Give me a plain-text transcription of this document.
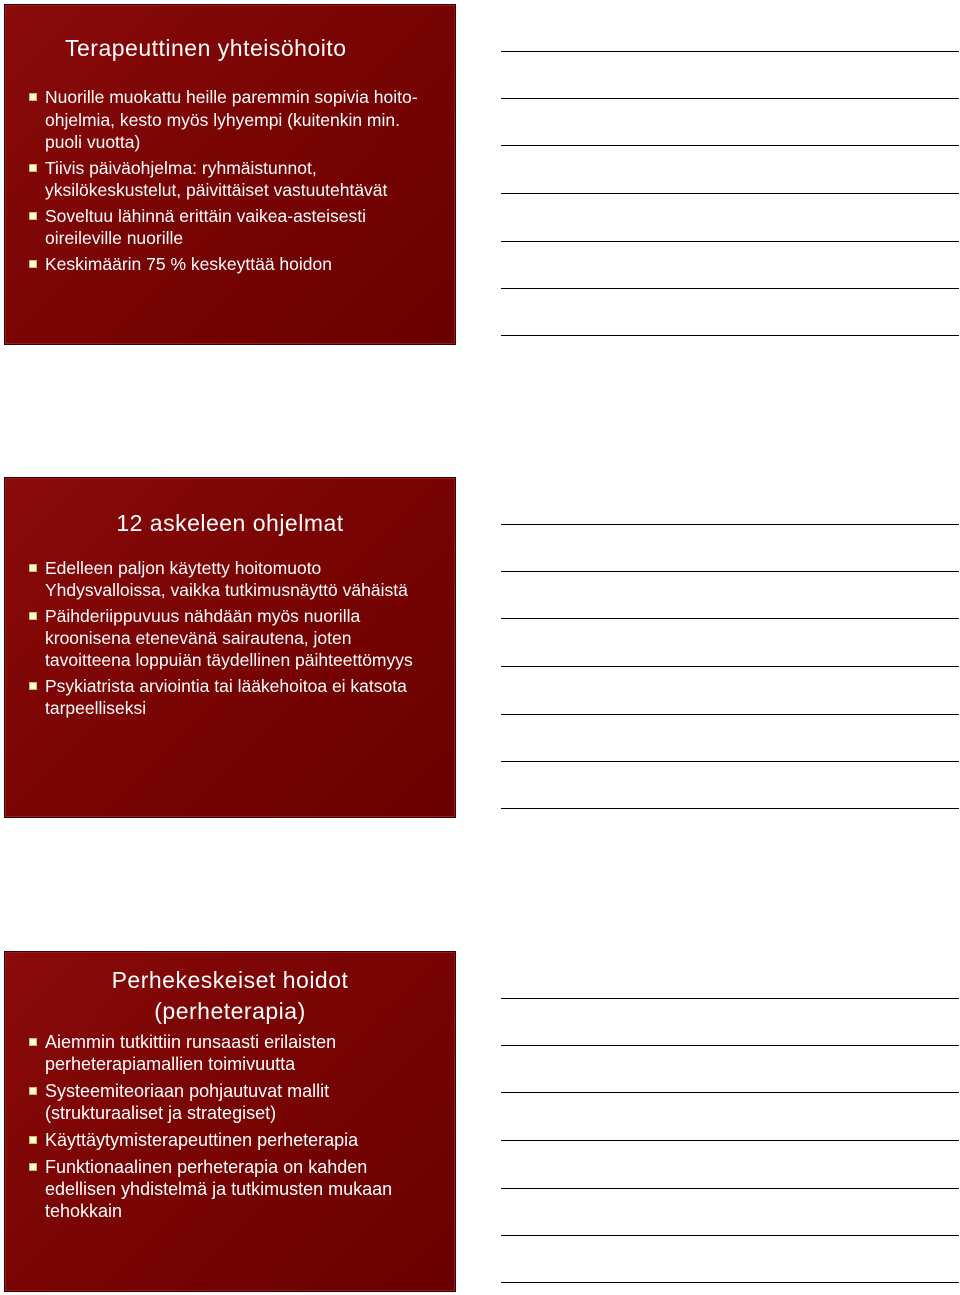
Terapeuttinen yhteisöhoito
Nuorille muokattu heille paremmin sopivia hoito-ohjelmia, kesto myös lyhyempi (kuitenkin min. puoli vuotta)
Tiivis päiväohjelma: ryhmäistunnot, yksilökeskustelut, päivittäiset vastuutehtävät
Soveltuu lähinnä erittäin vaikea-asteisesti oireileville nuorille
Keskimäärin 75 % keskeyttää hoidon
12 askeleen ohjelmat
Edelleen paljon käytetty hoitomuoto Yhdysvalloissa, vaikka tutkimusnäyttö vähäistä
Päihderiippuvuus nähdään myös nuorilla kroonisena etenevänä sairautena, joten tavoitteena loppuiän täydellinen päihteettömyys
Psykiatrista arviointia tai lääkehoitoa ei katsota tarpeelliseksi
Perhekeskeiset hoidot (perheterapia)
Aiemmin tutkittiin runsaasti erilaisten perheterapiamallien toimivuutta
Systeemiteoriaan pohjautuvat mallit (strukturaaliset ja strategiset)
Käyttäytymisterapeuttinen perheterapia
Funktionaalinen perheterapia on kahden edellisen yhdistelmä ja tutkimusten mukaan tehokkain
